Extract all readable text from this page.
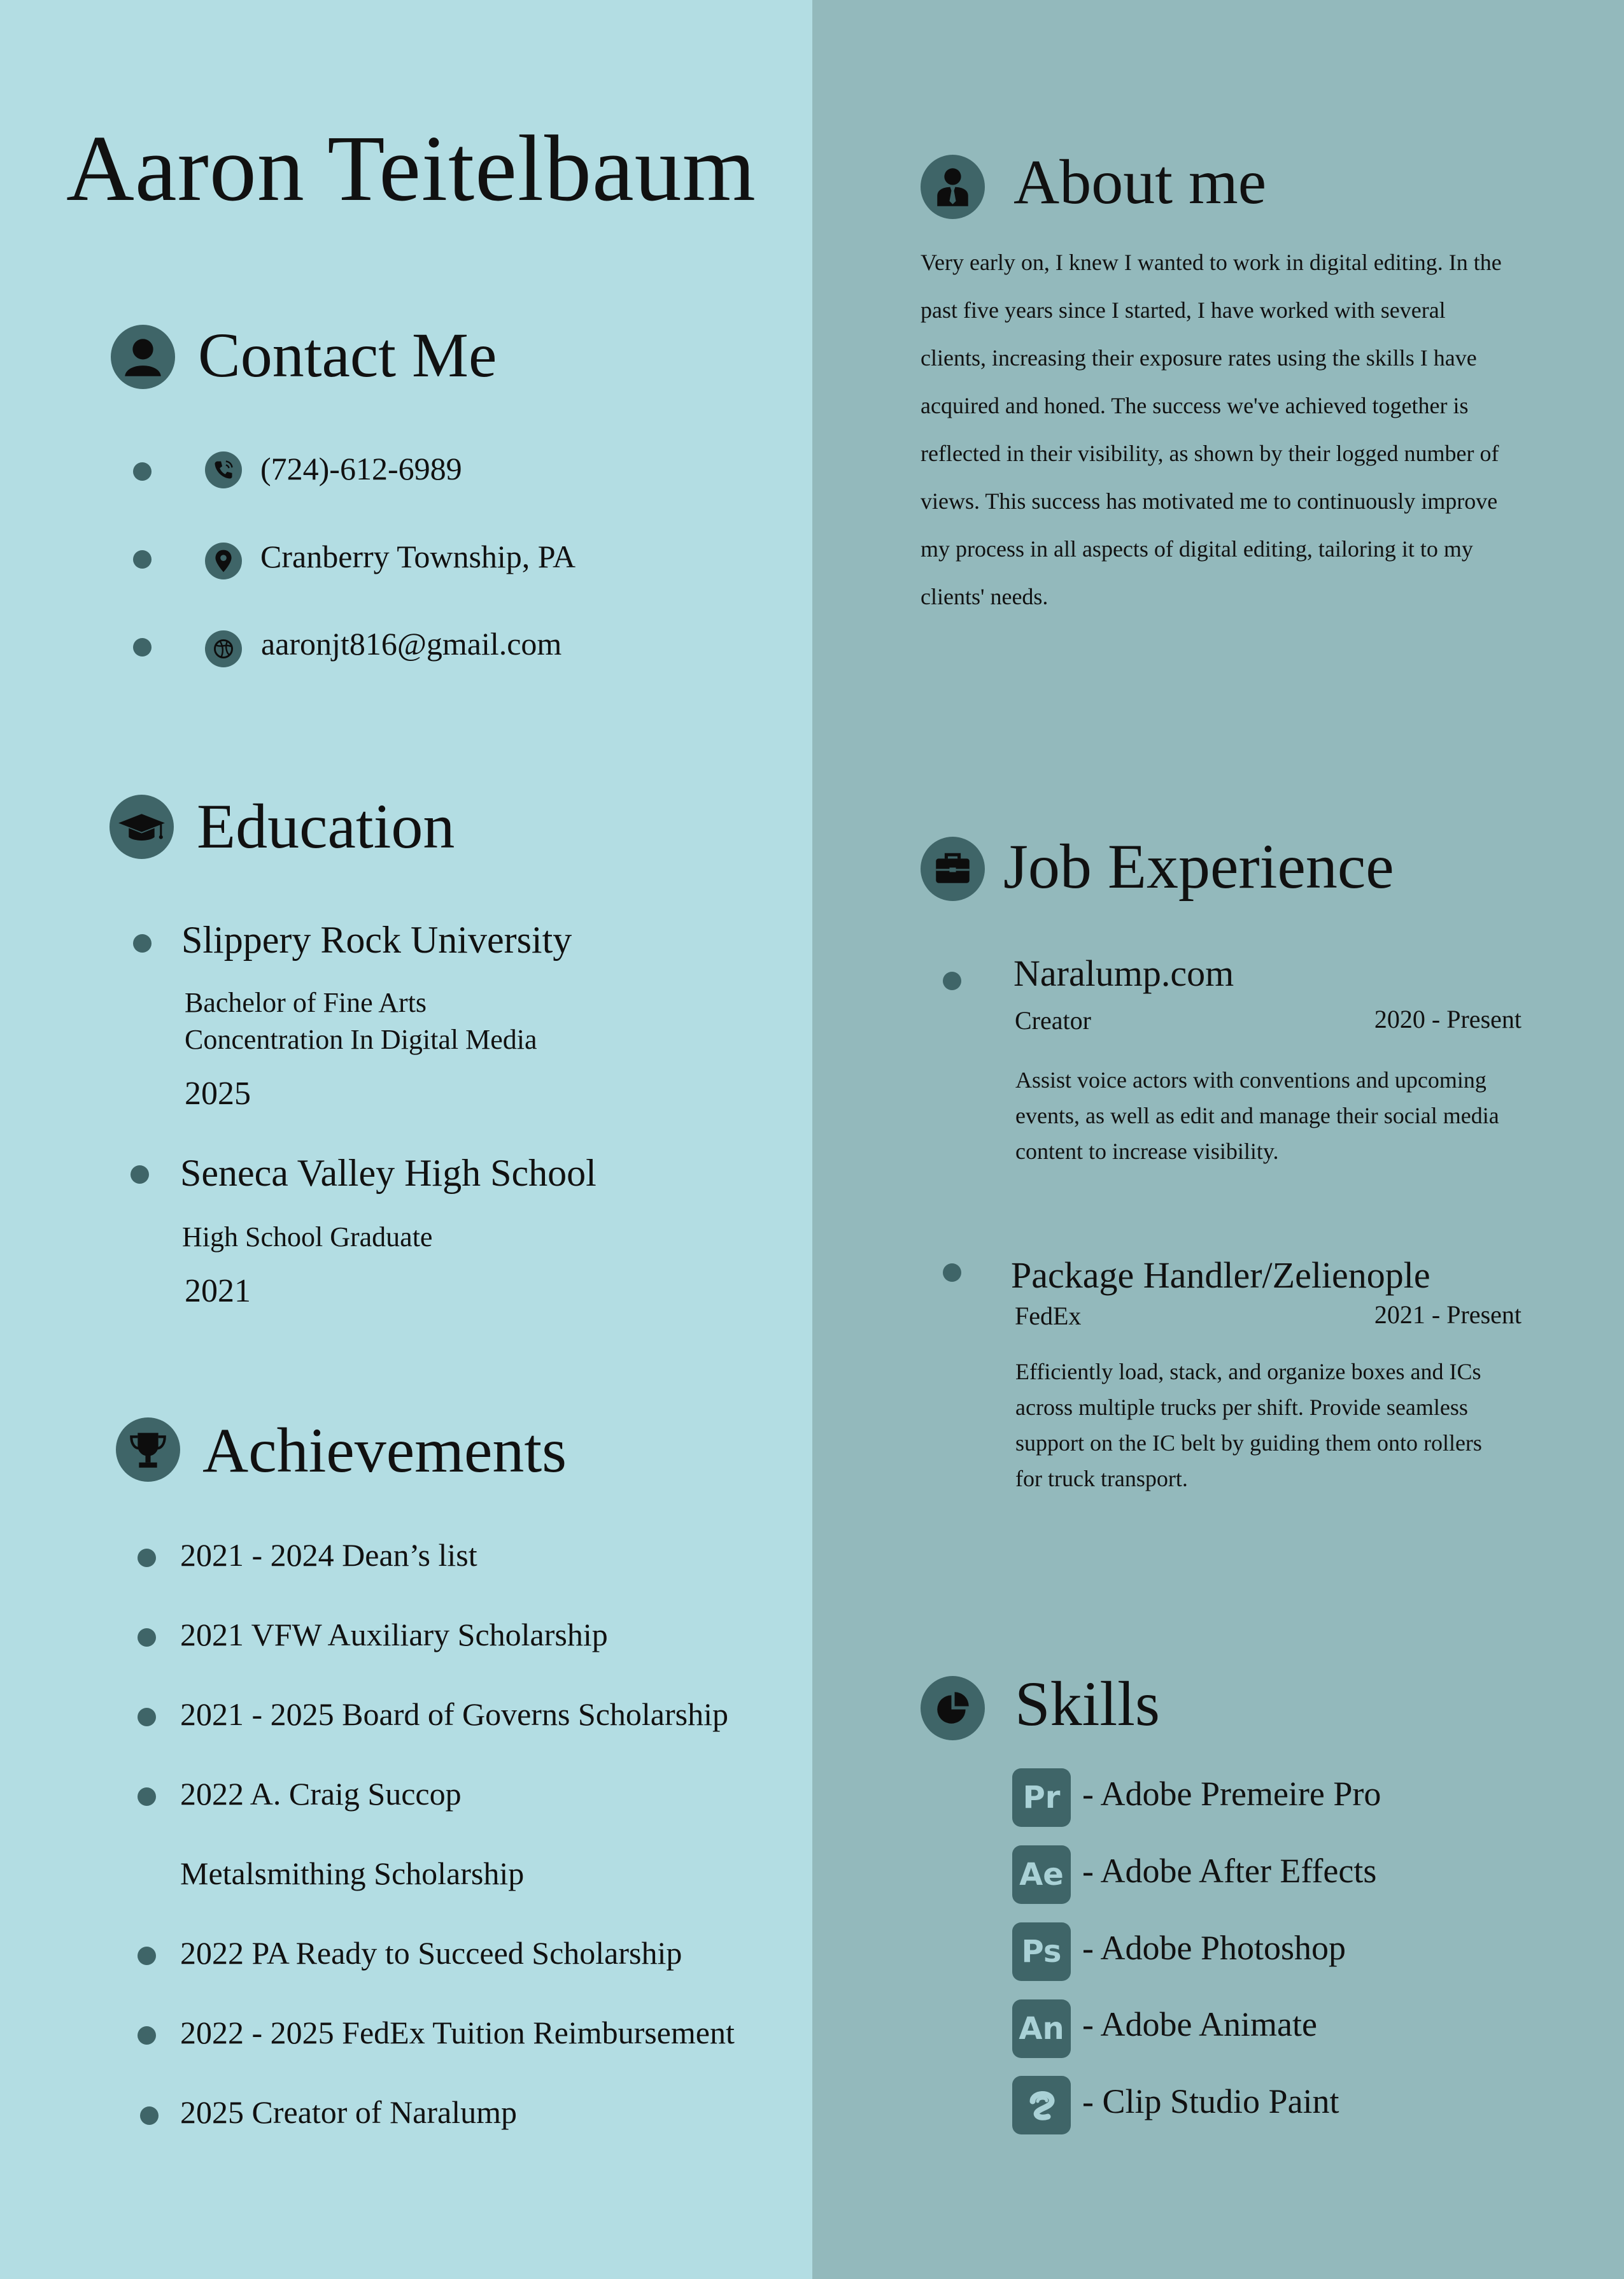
Aaron Teitelbaum
Contact Me
(724)-612-6989
Cranberry Township, PA
aaronjt816@gmail.com
Education
Slippery Rock University
Bachelor of Fine Arts
Concentration In Digital Media
2025
Seneca Valley High School
High School Graduate
2021
Achievements
2021 - 2024 Dean’s list
2021 VFW Auxiliary Scholarship
2021 - 2025 Board of Governs Scholarship
2022 A. Craig Succop
Metalsmithing Scholarship
2022 PA Ready to Succeed Scholarship
2022 - 2025 FedEx Tuition Reimbursement
2025 Creator of Naralump
About me
Very early on, I knew I wanted to work in digital editing. In the past five years since I started, I have worked with several clients, increasing their exposure rates using the skills I have acquired and honed. The success we've achieved together is reflected in their visibility, as shown by their logged number of views. This success has motivated me to continuously improve my process in all aspects of digital editing, tailoring it to my clients' needs.
Job Experience
Naralump.com
Creator	2020 - Present
Assist voice actors with conventions and upcoming events, as well as edit and manage their social media content to increase visibility.
Package Handler/Zelienople
FedEx	2021 - Present
Efficiently load, stack, and organize boxes and ICs across multiple trucks per shift. Provide seamless support on the IC belt by guiding them onto rollers for truck transport.
Skills
Pr - Adobe Premeire Pro
Ae - Adobe After Effects
Ps - Adobe Photoshop
An - Adobe Animate
- Clip Studio Paint
